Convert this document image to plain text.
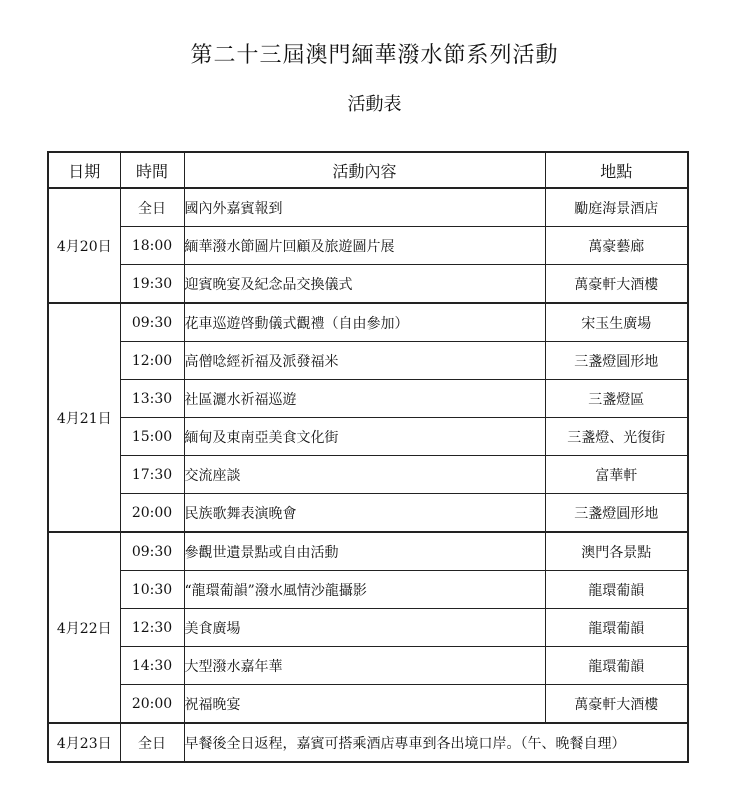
第二十三屆澳門緬華潑水節系列活動
活動表
日期	時間	活動內容	地點
4月20日	全日	國內外嘉賓報到	勵庭海景酒店
	18:00	緬華潑水節圖片回顧及旅遊圖片展	萬豪藝廊
	19:30	迎賓晚宴及紀念品交換儀式	萬豪軒大酒樓
4月21日	09:30	花車巡遊啓動儀式觀禮（自由參加）	宋玉生廣場
	12:00	高僧唸經祈福及派發福米	三盞燈圓形地
	13:30	社區灑水祈福巡遊	三盞燈區
	15:00	緬甸及東南亞美食文化街	三盞燈、光復街
	17:30	交流座談	富華軒
	20:00	民族歌舞表演晚會	三盞燈圓形地
4月22日	09:30	參觀世遺景點或自由活動	澳門各景點
	10:30	“龍環葡韻”潑水風情沙龍攝影	龍環葡韻
	12:30	美食廣場	龍環葡韻
	14:30	大型潑水嘉年華	龍環葡韻
	20:00	祝福晚宴	萬豪軒大酒樓
4月23日	全日	早餐後全日返程，嘉賓可搭乘酒店專車到各出境口岸。（午、晚餐自理）	
